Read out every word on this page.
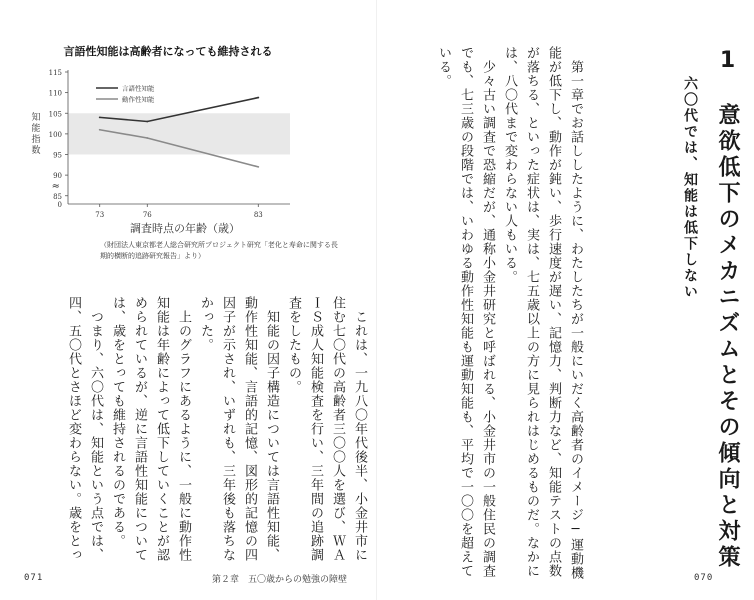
言語性知能は高齢者になっても維持される
115
110
105
100
95
90
85
≈
0
73	76	83
言語性知能
動作性知能
調査時点の年齢（歳）
知
能
指
数

（財団法人東京都老人総合研究所プロジェクト研究「老化と寿命に関する長期的横断的追跡研究報告」より）

　これは、一九八〇年代後半、小金井市に
住む七〇代の高齢者三〇〇人を選び、ＷＡ
ＩＳ成人知能検査を行い、三年間の追跡調
査をしたもの。
　知能の因子構造については言語性知能、
動作性知能、言語的記憶、図形的記憶の四
因子が示され、いずれも、三年後も落ちな
かった。
　上のグラフにあるように、一般に動作性
知能は年齢によって低下していくことが認
められているが、逆に言語性知能について
は、歳をとっても維持されるのである。
　つまり、六〇代は、知能という点では、
四、五〇代とさほど変わらない。歳をとっ
071	第２章　五〇歳からの勉強の障壁
1　意欲低下のメカニズムとその傾向と対策
六〇代では、知能は低下しない
　第一章でお話ししたように、わたしたちが一般にいだく高齢者のイメージ─運動機
能が低下し、動作が鈍い、歩行速度が遅い、記憶力、判断力など、知能テストの点数
が落ちる、といった症状は、実は、七五歳以上の方に見られはじめるものだ。なかに
は、八〇代まで変わらない人もいる。
　少々古い調査で恐縮だが、通称小金井研究と呼ばれる、小金井市の一般住民の調査
でも、七三歳の段階では、いわゆる動作性知能も運動知能も、平均で一〇〇を超えて
いる。
070
